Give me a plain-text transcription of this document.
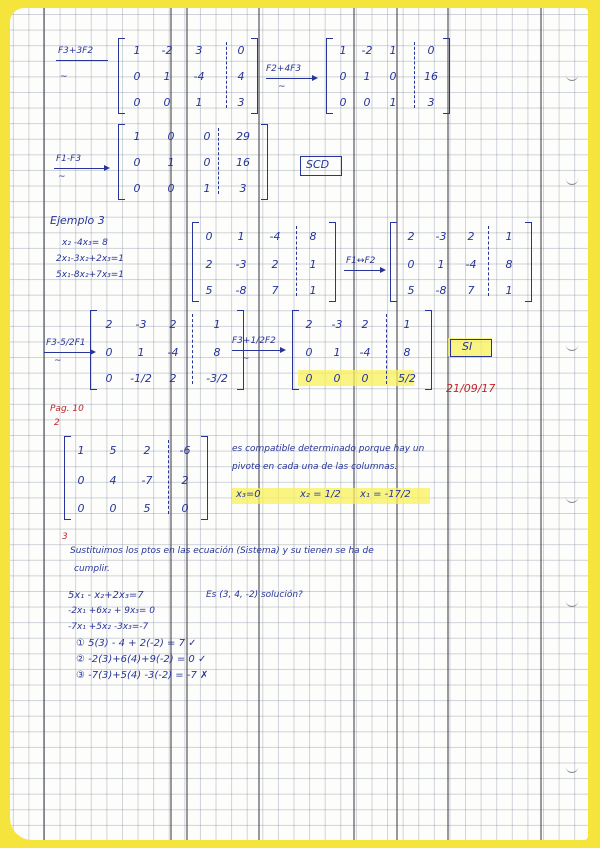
F3+3F2
~
1	-2	3	0
0	1	-4	4
0	0	1	3
F2+4F3
~
1	-2	1	0
0	1	0	16
0	0	1	3
F1-F3
~
1	0	0	29
0	1	0	16
0	0	1	3
SCD
Ejemplo 3
x₂ -4x₃= 8
2x₁-3x₂+2x₃=1
5x₁-8x₂+7x₃=1
0	1	-4	8
2	-3	2	1
5	-8	7	1
F1↔F2
2	-3	2	1
0	1	-4	8
5	-8	7	1
F3-5/2F1
~
2	-3	2	1
0	1	-4	8
0	-1/2	2	-3/2
F3+1/2F2
~
2	-3	2	1
0	1	-4	8
0	0	0	5/2
SI
21/09/17
Pag. 10
2
1	5	2	-6
0	4	-7	2
0	0	5	0
es compatible determinado porque hay un
pivote en cada una de las columnas.
x₃=0	x₂ = 1/2 x₁ = -17/2
3
Sustituimos los ptos en las ecuación (Sistema) y su tienen se ha de
cumplir.
5x₁ - x₂+2x₃=7	Es (3, 4, -2) solución?
-2x₁ +6x₂ + 9x₃= 0
-7x₁ +5x₂ -3x₃=-7
① 5(3) - 4 + 2(-2) = 7 ✓
② -2(3)+6(4)+9(-2) = 0 ✓
③ -7(3)+5(4) -3(-2) = -7 ✗
